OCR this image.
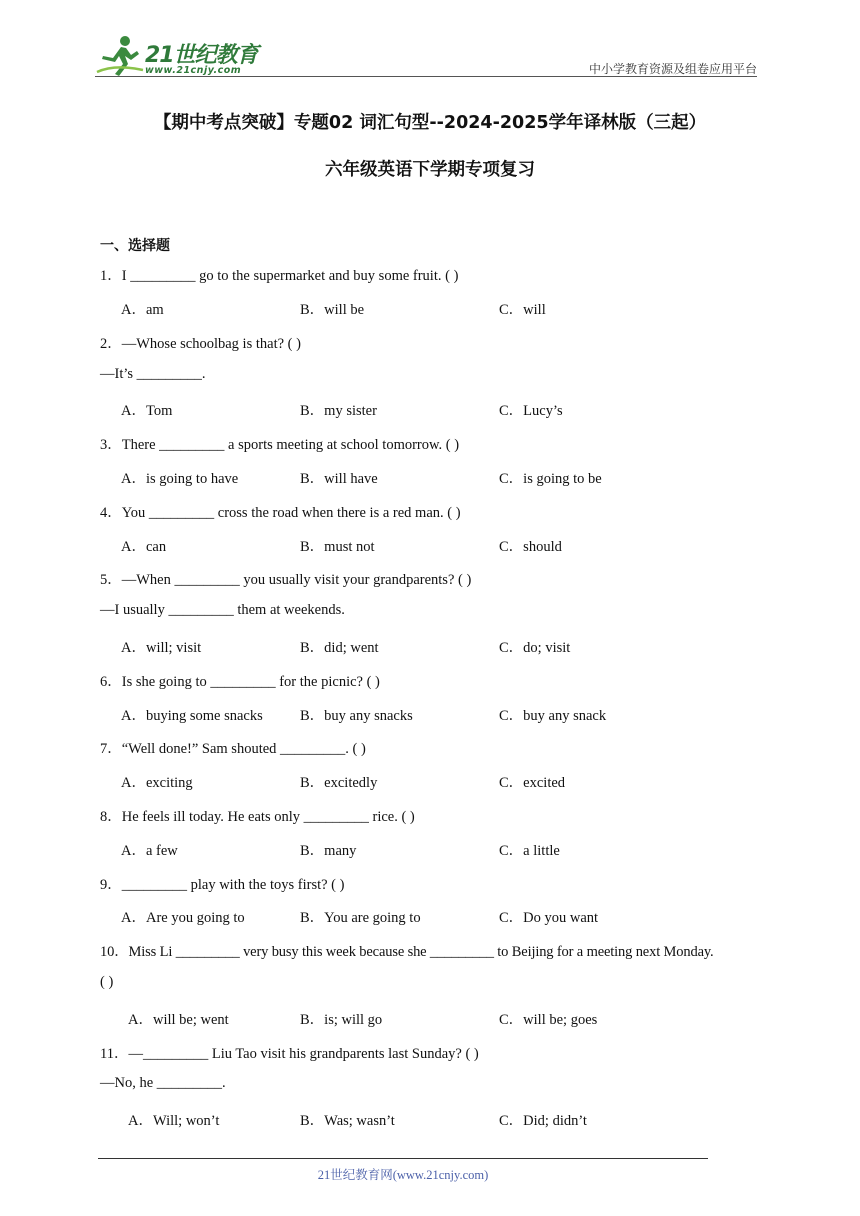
21世纪教育
www.21cnjy.com	中小学教育资源及组卷应用平台
【期中考点突破】专题02 词汇句型--2024-2025学年译林版（三起）
六年级英语下学期专项复习
一、选择题
1．I _________ go to the supermarket and buy some fruit. ( )
A．am	B．will be	C．will
2．—Whose schoolbag is that? ( )
—It’s _________.
A．Tom	B．my sister	C．Lucy’s
3．There _________ a sports meeting at school tomorrow. ( )
A．is going to have	B．will have	C．is going to be
4．You _________ cross the road when there is a red man. ( )
A．can	B．must not	C．should
5．—When _________ you usually visit your grandparents? ( )
—I usually _________ them at weekends.
A．will; visit	B．did; went	C．do; visit
6．Is she going to _________ for the picnic? ( )
A．buying some snacks	B．buy any snacks	C．buy any snack
7．“Well done!” Sam shouted _________. ( )
A．exciting	B．excitedly	C．excited
8．He feels ill today. He eats only _________ rice. ( )
A．a few	B．many	C．a little
9．_________ play with the toys first? ( )
A．Are you going to	B．You are going to	C．Do you want
10．Miss Li _________ very busy this week because she _________ to Beijing for a meeting next Monday.
( )
A．will be; went	B．is; will go	C．will be; goes
11．—_________ Liu Tao visit his grandparents last Sunday? ( )
—No, he _________.
A．Will; won’t	B．Was; wasn’t	C．Did; didn’t
21世纪教育网(www.21cnjy.com)
